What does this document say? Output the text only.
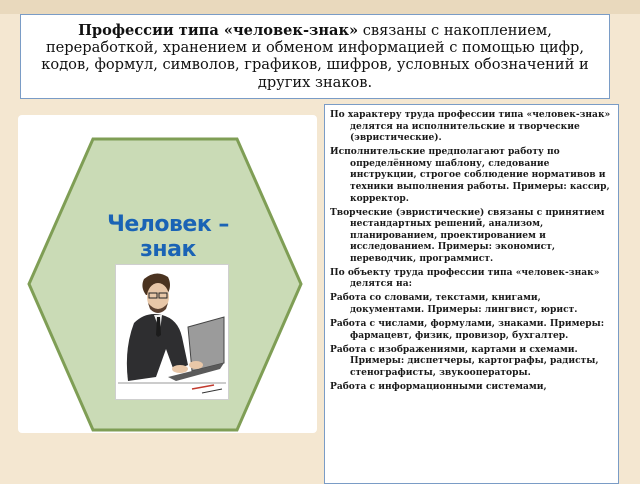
Профессии типа «человек-знак» связаны с накоплением, переработкой, хранением и обменом информацией с помощью цифр, кодов, формул, символов, графиков, шифров, условных обозначений и других знаков.
Человек – знак
По характеру труда профессии типа «человек-знак» делятся на исполнительские и творческие (эвристические).
Исполнительские предполагают работу по определённому шаблону, следование инструкции, строгое соблюдение нормативов и техники выполнения работы. Примеры: кассир, корректор.
Творческие (эвристические) связаны с принятием нестандартных решений, анализом, планированием, проектированием и исследованием. Примеры: экономист, переводчик, программист.
По объекту труда профессии типа «человек-знак» делятся на:
Работа со словами, текстами, книгами, документами. Примеры: лингвист, юрист.
Работа с числами, формулами, знаками. Примеры: фармацевт, физик, провизор, бухгалтер.
Работа с изображениями, картами и схемами. Примеры: диспетчеры, картографы, радисты, стенографисты, звукооператоры.
Работа с информационными системами,
